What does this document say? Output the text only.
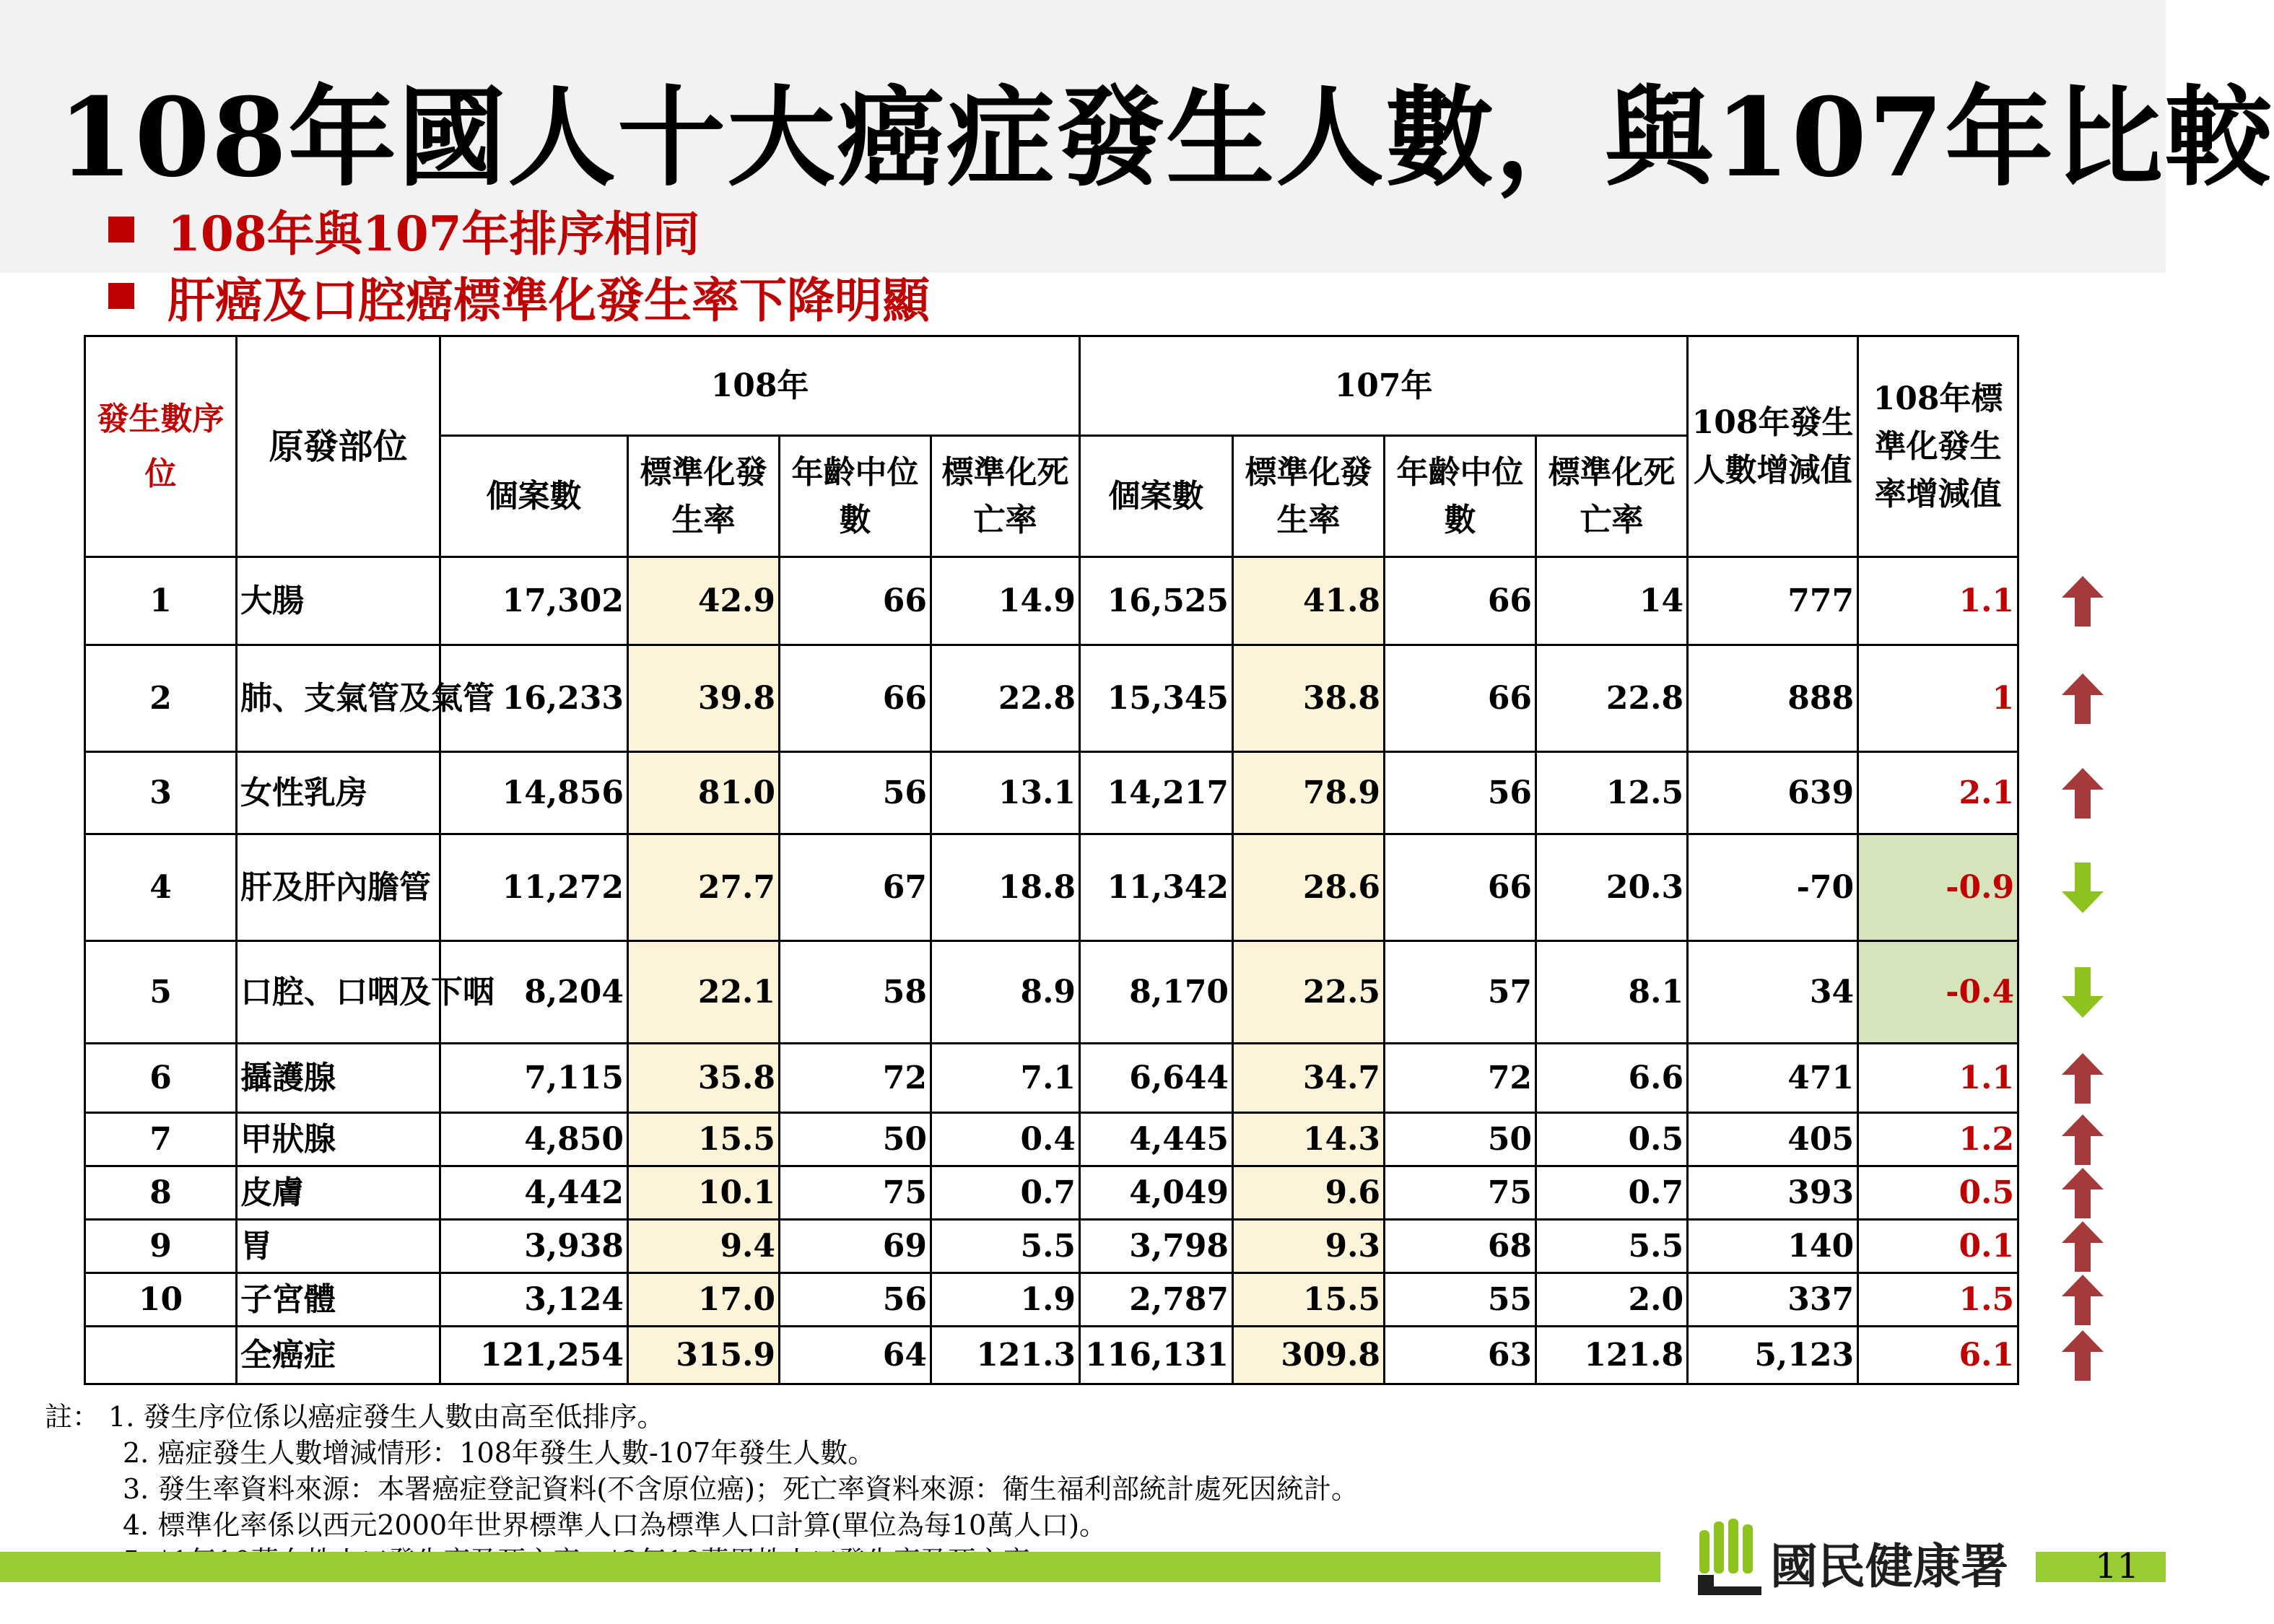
108年國人十大癌症發生人數，與107年比較
108年與107年排序相同
肝癌及口腔癌標準化發生率下降明顯
發生數序位	原發部位	108年				107年				108年發生人數增減值	108年標準化發生率增減值
		個案數	標準化發生率	年齡中位數	標準化死亡率	個案數	標準化發生率	年齡中位數	標準化死亡率		
1	大腸	17,302	42.9	66	14.9	16,525	41.8	66	14	777	1.1
2	肺、支氣管及氣管	16,233	39.8	66	22.8	15,345	38.8	66	22.8	888	1
3	女性乳房	14,856	81.0	56	13.1	14,217	78.9	56	12.5	639	2.1
4	肝及肝內膽管	11,272	27.7	67	18.8	11,342	28.6	66	20.3	-70	-0.9
5	口腔、口咽及下咽	8,204	22.1	58	8.9	8,170	22.5	57	8.1	34	-0.4
6	攝護腺	7,115	35.8	72	7.1	6,644	34.7	72	6.6	471	1.1
7	甲狀腺	4,850	15.5	50	0.4	4,445	14.3	50	0.5	405	1.2
8	皮膚	4,442	10.1	75	0.7	4,049	9.6	75	0.7	393	0.5
9	胃	3,938	9.4	69	5.5	3,798	9.3	68	5.5	140	0.1
10	子宮體	3,124	17.0	56	1.9	2,787	15.5	55	2.0	337	1.5
	全癌症	121,254	315.9	64	121.3	116,131	309.8	63	121.8	5,123	6.1
註： 1. 發生序位係以癌症發生人數由高至低排序。
2. 癌症發生人數增減情形：108年發生人數-107年發生人數。
3. 發生率資料來源：本署癌症登記資料(不含原位癌)；死亡率資料來源：衛生福利部統計處死因統計。
4. 標準化率係以西元2000年世界標準人口為標準人口計算(單位為每10萬人口)。
國民健康署	11
